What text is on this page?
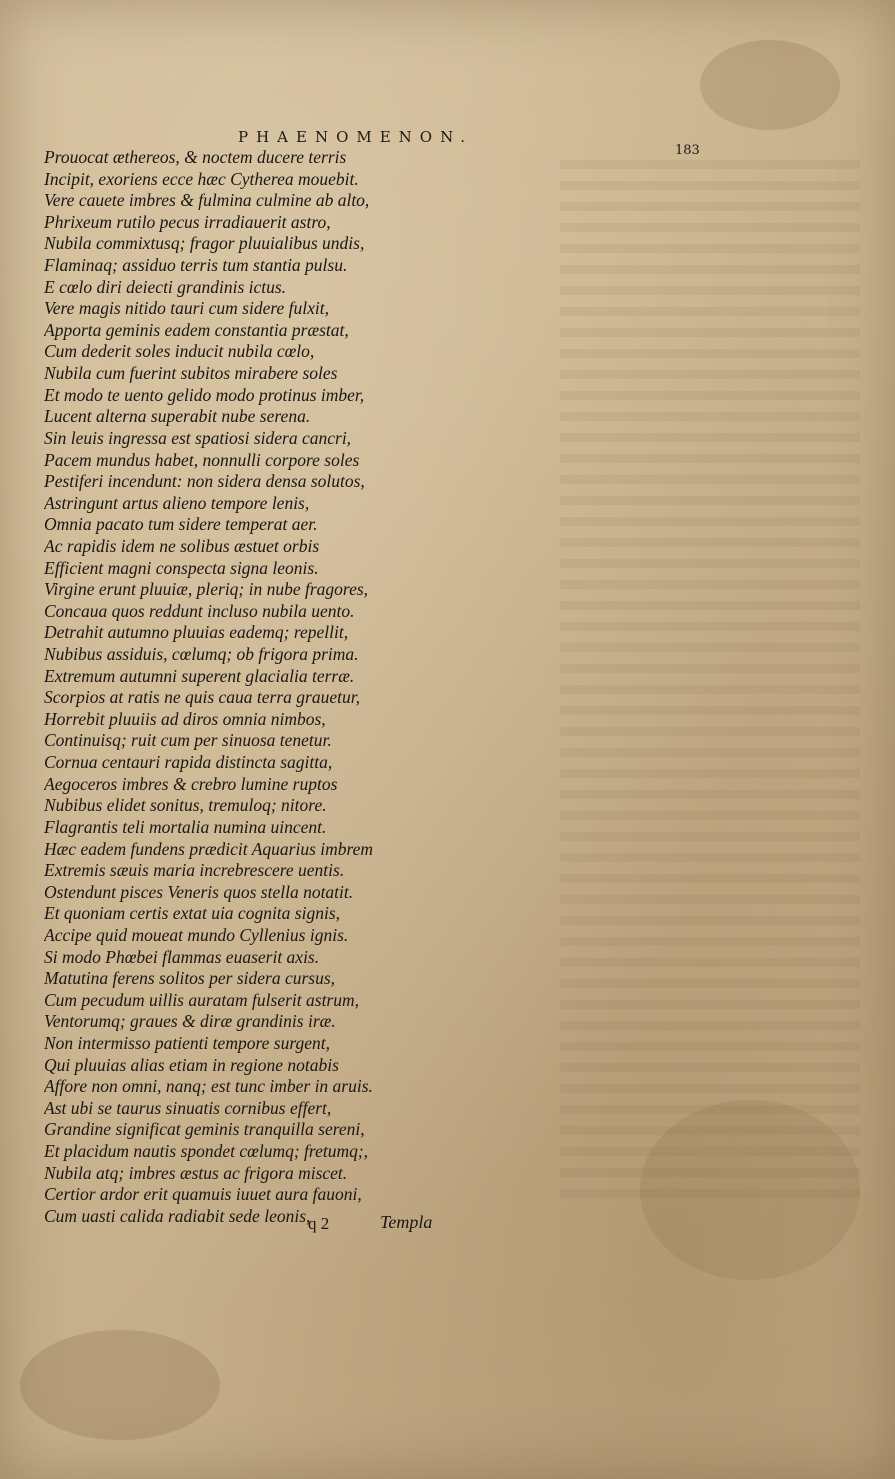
PHAENOMENON.
183
Prouocat æthereos, & noctem ducere terris
Incipit, exoriens ecce hæc Cytherea mouebit.
Vere cauete imbres & fulmina culmine ab alto,
Phrixeum rutilo pecus irradiauerit astro,
Nubila commixtusq; fragor pluuialibus undis,
Flaminaq; assiduo terris tum stantia pulsu.
E cœlo diri deiecti grandinis ictus.
Vere magis nitido tauri cum sidere fulxit,
Apporta geminis eadem constantia præstat,
Cum dederit soles inducit nubila cœlo,
Nubila cum fuerint subitos mirabere soles
Et modo te uento gelido modo protinus imber,
Lucent alterna superabit nube serena.
Sin leuis ingressa est spatiosi sidera cancri,
Pacem mundus habet, nonnulli corpore soles
Pestiferi incendunt: non sidera densa solutos,
Astringunt artus alieno tempore lenis,
Omnia pacato tum sidere temperat aer.
Ac rapidis idem ne solibus æstuet orbis
Efficient magni conspecta signa leonis.
Virgine erunt pluuiæ, pleriq; in nube fragores,
Concaua quos reddunt incluso nubila uento.
Detrahit autumno pluuias eademq; repellit,
Nubibus assiduis, cœlumq; ob frigora prima.
Extremum autumni superent glacialia terræ.
Scorpios at ratis ne quis caua terra grauetur,
Horrebit pluuiis ad diros omnia nimbos,
Continuisq; ruit cum per sinuosa tenetur.
Cornua centauri rapida distincta sagitta,
Aegoceros imbres & crebro lumine ruptos
Nubibus elidet sonitus, tremuloq; nitore.
Flagrantis teli mortalia numina uincent.
Hæc eadem fundens prædicit Aquarius imbrem
Extremis sæuis maria increbrescere uentis.
Ostendunt pisces Veneris quos stella notatit.
Et quoniam certis extat uia cognita signis,
Accipe quid moueat mundo Cyllenius ignis.
Si modo Phœbei flammas euaserit axis.
Matutina ferens solitos per sidera cursus,
Cum pecudum uillis auratam fulserit astrum,
Ventorumq; graues & diræ grandinis iræ.
Non intermisso patienti tempore surgent,
Qui pluuias alias etiam in regione notabis
Affore non omni, nanq; est tunc imber in aruis.
Ast ubi se taurus sinuatis cornibus effert,
Grandine significat geminis tranquilla sereni,
Et placidum nautis spondet cœlumq; fretumq;,
Nubila atq; imbres æstus ac frigora miscet.
Certior ardor erit quamuis iuuet aura fauoni,
Cum uasti calida radiabit sede leonis,
q 2	Templa
